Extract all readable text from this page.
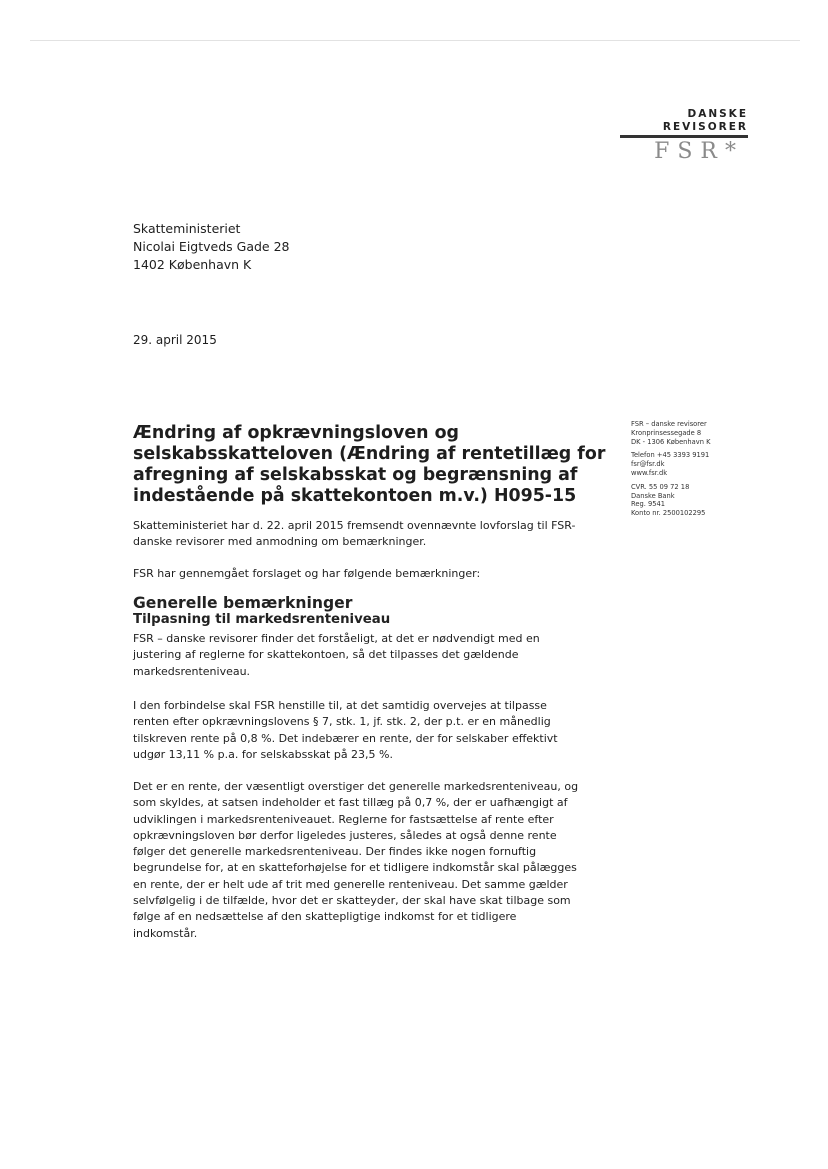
DANSKE
REVISORER
FSR*
Skatteministeriet
Nicolai Eigtveds Gade 28
1402 København K
29. april 2015
Ændring af opkrævningsloven og
selskabsskatteloven (Ændring af rentetillæg for
afregning af selskabsskat og begrænsning af
indestående på skattekontoen m.v.) H095-15
FSR – danske revisorer
Kronprinsessegade 8
DK - 1306 København K
Telefon +45 3393 9191
fsr@fsr.dk
www.fsr.dk
CVR. 55 09 72 18
Danske Bank
Reg. 9541
Konto nr. 2500102295
Skatteministeriet har d. 22. april 2015 fremsendt ovennævnte lovforslag til FSR-
danske revisorer med anmodning om bemærkninger.
FSR har gennemgået forslaget og har følgende bemærkninger:
Generelle bemærkninger
Tilpasning til markedsrenteniveau
FSR – danske revisorer finder det forståeligt, at det er nødvendigt med en
justering af reglerne for skattekontoen, så det tilpasses det gældende
markedsrenteniveau.
I den forbindelse skal FSR henstille til, at det samtidig overvejes at tilpasse
renten efter opkrævningslovens § 7, stk. 1, jf. stk. 2, der p.t. er en månedlig
tilskreven rente på 0,8 %. Det indebærer en rente, der for selskaber effektivt
udgør 13,11 % p.a. for selskabsskat på 23,5 %.
Det er en rente, der væsentligt overstiger det generelle markedsrenteniveau, og
som skyldes, at satsen indeholder et fast tillæg på 0,7 %, der er uafhængigt af
udviklingen i markedsrenteniveauet. Reglerne for fastsættelse af rente efter
opkrævningsloven bør derfor ligeledes justeres, således at også denne rente
følger det generelle markedsrenteniveau. Der findes ikke nogen fornuftig
begrundelse for, at en skatteforhøjelse for et tidligere indkomstår skal pålægges
en rente, der er helt ude af trit med generelle renteniveau. Det samme gælder
selvfølgelig i de tilfælde, hvor det er skatteyder, der skal have skat tilbage som
følge af en nedsættelse af den skattepligtige indkomst for et tidligere
indkomstår.
